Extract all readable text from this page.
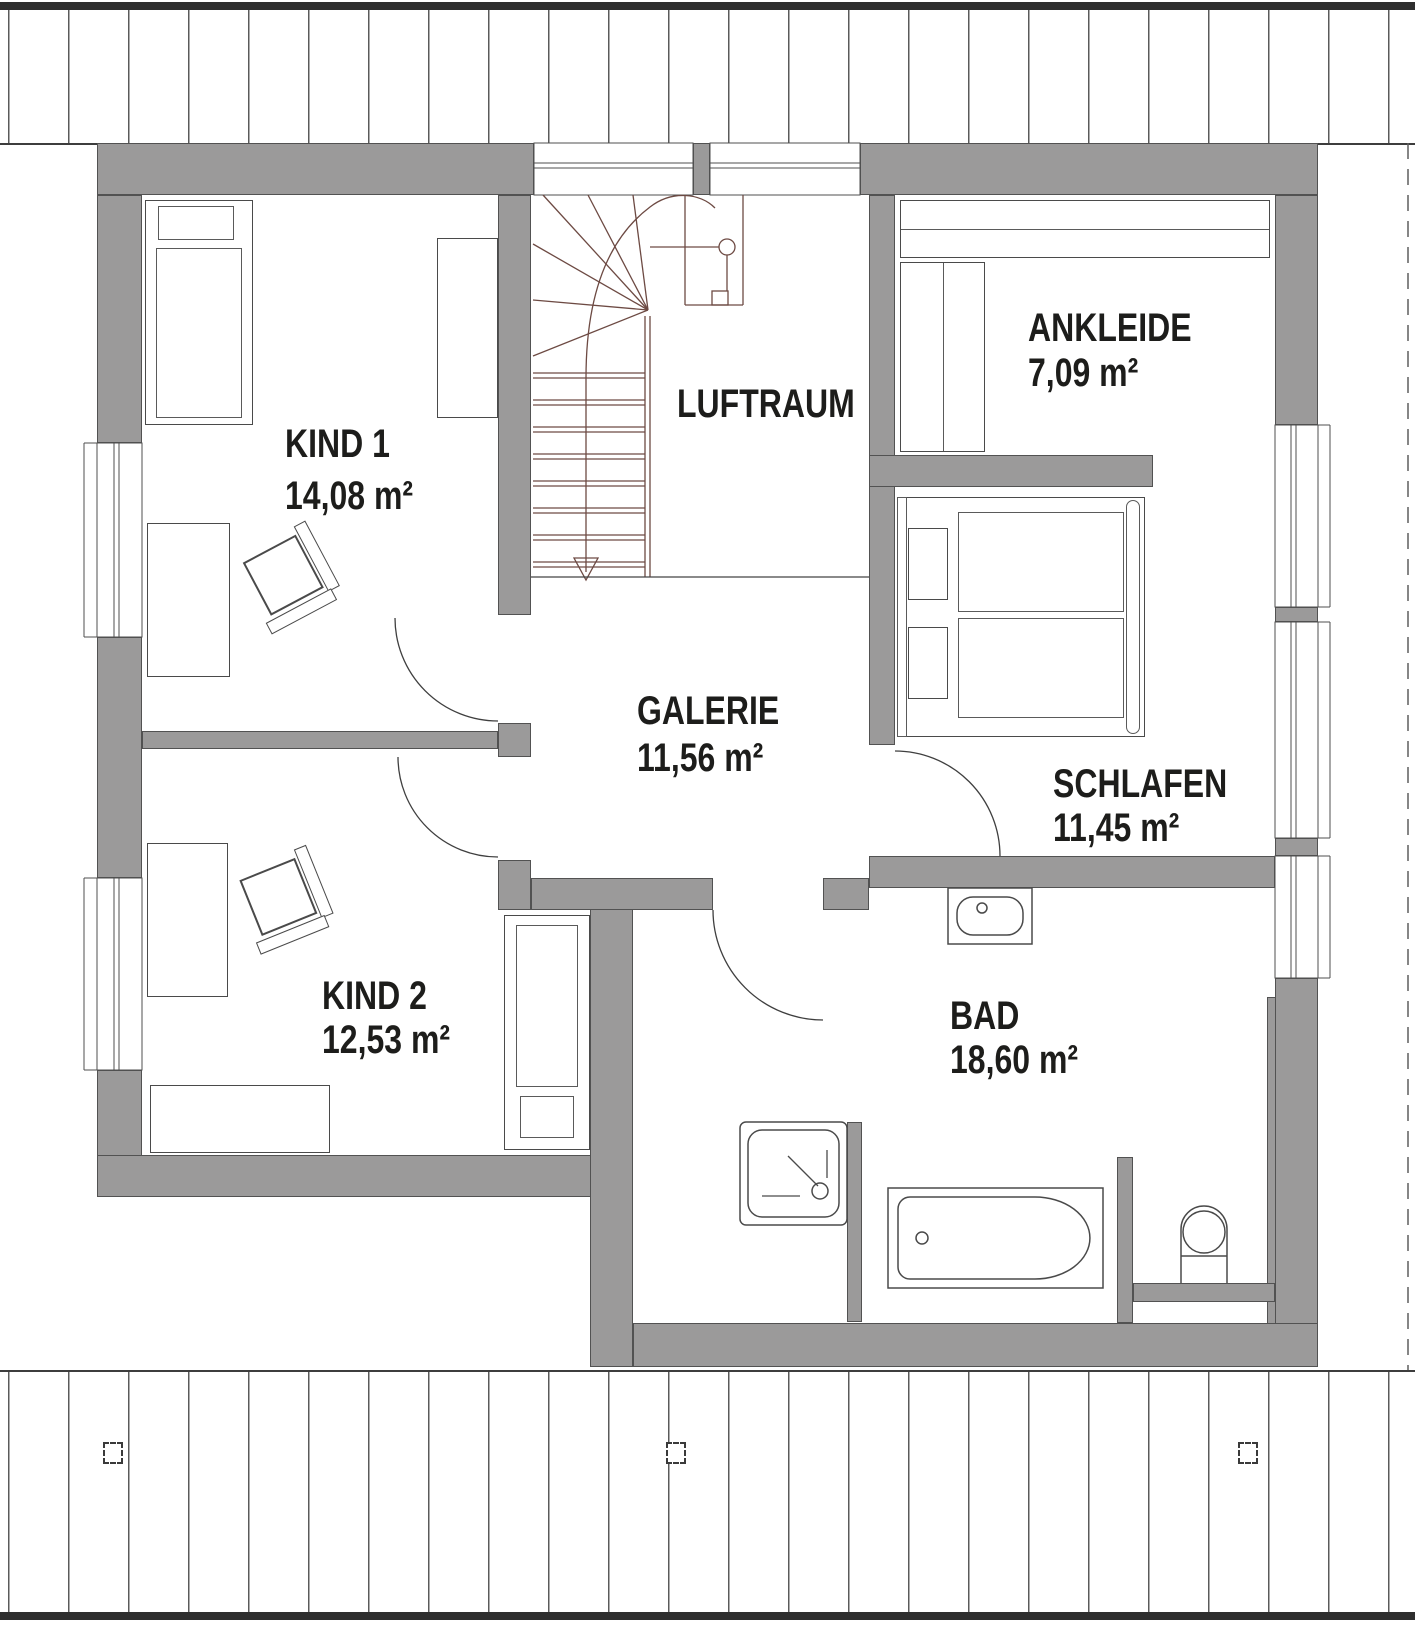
KIND 1
14,08 m²
LUFTRAUM
ANKLEIDE
7,09 m²
GALERIE
11,56 m²
SCHLAFEN
11,45 m²
KIND 2
12,53 m²
BAD
18,60 m²
